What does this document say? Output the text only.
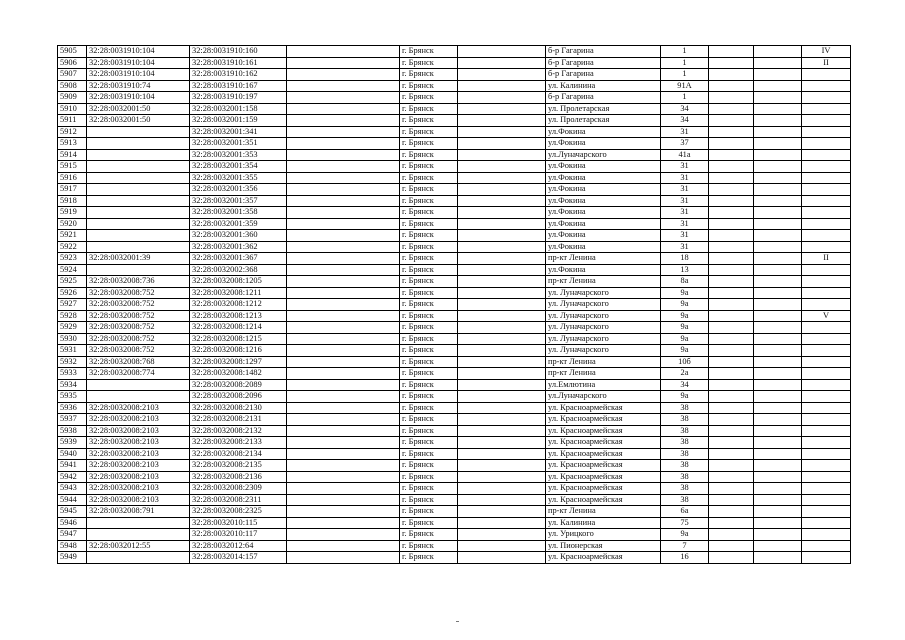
5905	32:28:0031910:104	32:28:0031910:160		г. Брянск		б-р Гагарина	1			IV
5906	32:28:0031910:104	32:28:0031910:161		г. Брянск		б-р Гагарина	1			II
5907	32:28:0031910:104	32:28:0031910:162		г. Брянск		б-р Гагарина	1			
5908	32:28:0031910:74	32:28:0031910:167		г. Брянск		ул. Калинина	91А			
5909	32:28:0031910:104	32:28:0031910:197		г. Брянск		б-р Гагарина	1			
5910	32:28:0032001:50	32:28:0032001:158		г. Брянск		ул. Пролетарская	34			
5911	32:28:0032001:50	32:28:0032001:159		г. Брянск		ул. Пролетарская	34			
5912		32:28:0032001:341		г. Брянск		ул.Фокина	31			
5913		32:28:0032001:351		г. Брянск		ул.Фокина	37			
5914		32:28:0032001:353		г. Брянск		ул.Луначарского	41а			
5915		32:28:0032001:354		г. Брянск		ул.Фокина	31			
5916		32:28:0032001:355		г. Брянск		ул.Фокина	31			
5917		32:28:0032001:356		г. Брянск		ул.Фокина	31			
5918		32:28:0032001:357		г. Брянск		ул.Фокина	31			
5919		32:28:0032001:358		г. Брянск		ул.Фокина	31			
5920		32:28:0032001:359		г. Брянск		ул.Фокина	31			
5921		32:28:0032001:360		г. Брянск		ул.Фокина	31			
5922		32:28:0032001:362		г. Брянск		ул.Фокина	31			
5923	32:28:0032001:39	32:28:0032001:367		г. Брянск		пр-кт Ленина	18			II
5924		32:28:0032002:368		г. Брянск		ул.Фокина	13			
5925	32:28:0032008:736	32:28:0032008:1205		г. Брянск		пр-кт Ленина	8а			
5926	32:28:0032008:752	32:28:0032008:1211		г. Брянск		ул. Луначарского	9а			
5927	32:28:0032008:752	32:28:0032008:1212		г. Брянск		ул. Луначарского	9а			
5928	32:28:0032008:752	32:28:0032008:1213		г. Брянск		ул. Луначарского	9а			V
5929	32:28:0032008:752	32:28:0032008:1214		г. Брянск		ул. Луначарского	9а			
5930	32:28:0032008:752	32:28:0032008:1215		г. Брянск		ул. Луначарского	9а			
5931	32:28:0032008:752	32:28:0032008:1216		г. Брянск		ул. Луначарского	9а			
5932	32:28:0032008:768	32:28:0032008:1297		г. Брянск		пр-кт Ленина	10б			
5933	32:28:0032008:774	32:28:0032008:1482		г. Брянск		пр-кт Ленина	2а			
5934		32:28:0032008:2089		г. Брянск		ул.Емлютина	34			
5935		32:28:0032008:2096		г. Брянск		ул.Луначарского	9а			
5936	32:28:0032008:2103	32:28:0032008:2130		г. Брянск		ул. Красноармейская	38			
5937	32:28:0032008:2103	32:28:0032008:2131		г. Брянск		ул. Красноармейская	38			
5938	32:28:0032008:2103	32:28:0032008:2132		г. Брянск		ул. Красноармейская	38			
5939	32:28:0032008:2103	32:28:0032008:2133		г. Брянск		ул. Красноармейская	38			
5940	32:28:0032008:2103	32:28:0032008:2134		г. Брянск		ул. Красноармейская	38			
5941	32:28:0032008:2103	32:28:0032008:2135		г. Брянск		ул. Красноармейская	38			
5942	32:28:0032008:2103	32:28:0032008:2136		г. Брянск		ул. Красноармейская	38			
5943	32:28:0032008:2103	32:28:0032008:2309		г. Брянск		ул. Красноармейская	38			
5944	32:28:0032008:2103	32:28:0032008:2311		г. Брянск		ул. Красноармейская	38			
5945	32:28:0032008:791	32:28:0032008:2325		г. Брянск		пр-кт Ленина	6а			
5946		32:28:0032010:115		г. Брянск		ул. Калинина	75			
5947		32:28:0032010:117		г. Брянск		ул. Урицкого	9а			
5948	32:28:0032012:55	32:28:0032012:64		г. Брянск		ул. Пионерская	7			
5949		32:28:0032014:157		г. Брянск		ул. Красноармейская	16			
